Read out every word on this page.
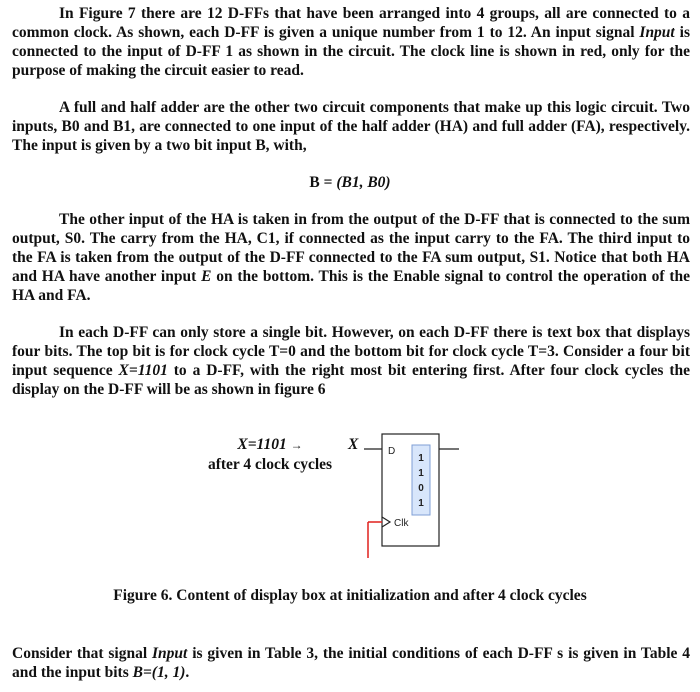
In Figure 7 there are 12 D-FFs that have been arranged into 4 groups, all are connected to a common clock. As shown, each D-FF is given a unique number from 1 to 12. An input signal Input is connected to the input of D-FF 1 as shown in the circuit. The clock line is shown in red, only for the purpose of making the circuit easier to read.

A full and half adder are the other two circuit components that make up this logic circuit. Two inputs, B0 and B1, are connected to one input of the half adder (HA) and full adder (FA), respectively. The input is given by a two bit input B, with,

B = (B1, B0)

The other input of the HA is taken in from the output of the D-FF that is connected to the sum output, S0. The carry from the HA, C1, if connected as the input carry to the FA. The third input to the FA is taken from the output of the D-FF connected to the FA sum output, S1. Notice that both HA and HA have another input E on the bottom. This is the Enable signal to control the operation of the HA and FA.

In each D-FF can only store a single bit. However, on each D-FF there is text box that displays four bits. The top bit is for clock cycle T=0 and the bottom bit for clock cycle T=3. Consider a four bit input sequence X=1101 to a D-FF, with the right most bit entering first. After four clock cycles the display on the D-FF will be as shown in figure 6

X=1101 →
after 4 clock cycles
X	D
1
1
0
1
Clk
Figure 6. Content of display box at initialization and after 4 clock cycles

Consider that signal Input is given in Table 3, the initial conditions of each D-FF s is given in Table 4 and the input bits B=(1, 1).
